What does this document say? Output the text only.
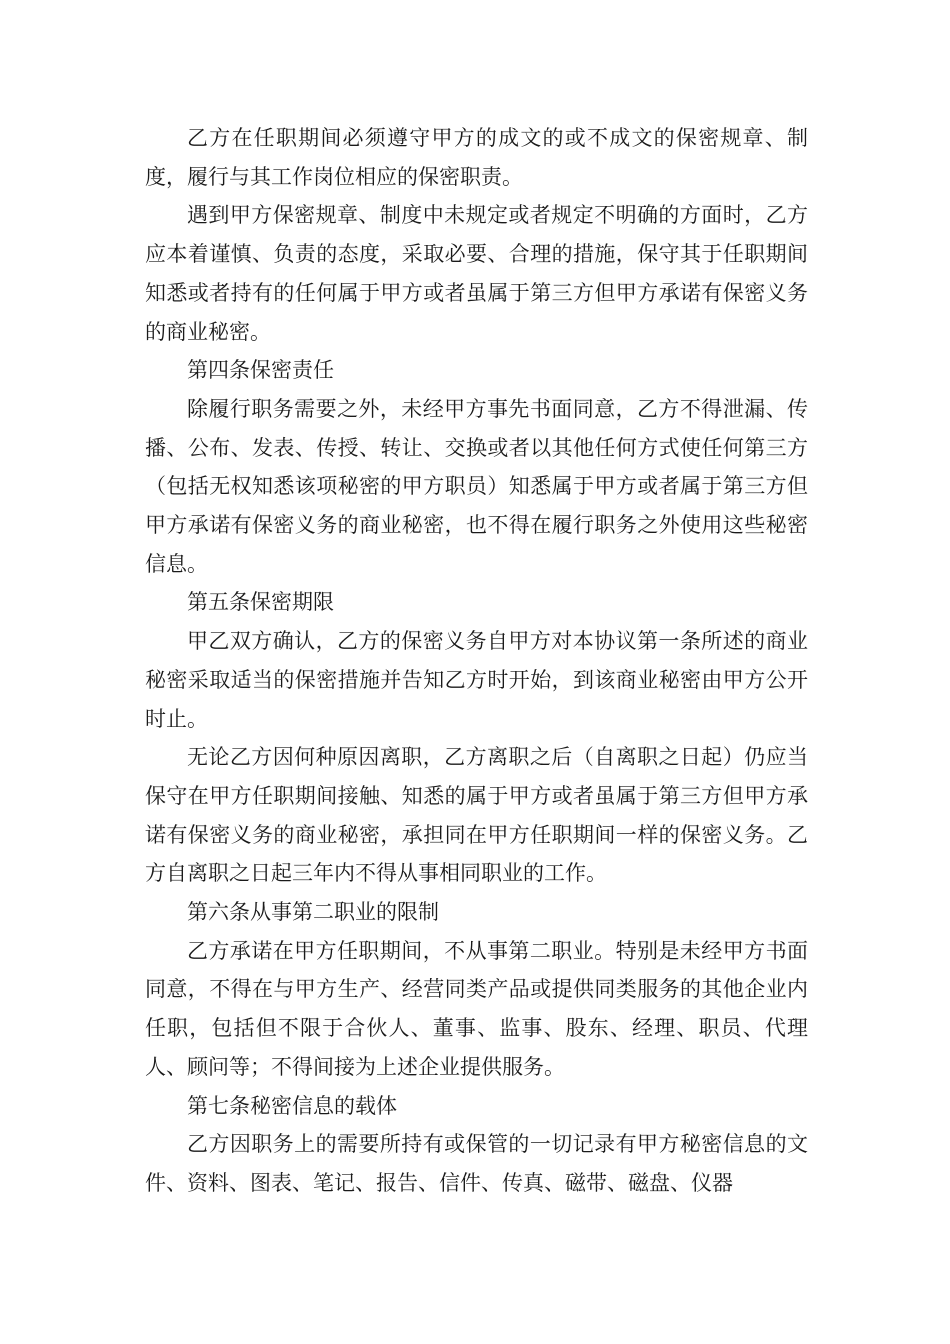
乙方在任职期间必须遵守甲方的成文的或不成文的保密规章、制度，履行与其工作岗位相应的保密职责。

遇到甲方保密规章、制度中未规定或者规定不明确的方面时，乙方应本着谨慎、负责的态度，采取必要、合理的措施，保守其于任职期间知悉或者持有的任何属于甲方或者虽属于第三方但甲方承诺有保密义务的商业秘密。

第四条保密责任

除履行职务需要之外，未经甲方事先书面同意，乙方不得泄漏、传播、公布、发表、传授、转让、交换或者以其他任何方式使任何第三方（包括无权知悉该项秘密的甲方职员）知悉属于甲方或者属于第三方但甲方承诺有保密义务的商业秘密，也不得在履行职务之外使用这些秘密信息。

第五条保密期限

甲乙双方确认，乙方的保密义务自甲方对本协议第一条所述的商业秘密采取适当的保密措施并告知乙方时开始，到该商业秘密由甲方公开时止。

无论乙方因何种原因离职，乙方离职之后（自离职之日起）仍应当保守在甲方任职期间接触、知悉的属于甲方或者虽属于第三方但甲方承诺有保密义务的商业秘密，承担同在甲方任职期间一样的保密义务。乙方自离职之日起三年内不得从事相同职业的工作。

第六条从事第二职业的限制

乙方承诺在甲方任职期间，不从事第二职业。特别是未经甲方书面同意，不得在与甲方生产、经营同类产品或提供同类服务的其他企业内任职，包括但不限于合伙人、董事、监事、股东、经理、职员、代理人、顾问等；不得间接为上述企业提供服务。

第七条秘密信息的载体

乙方因职务上的需要所持有或保管的一切记录有甲方秘密信息的文件、资料、图表、笔记、报告、信件、传真、磁带、磁盘、仪器
